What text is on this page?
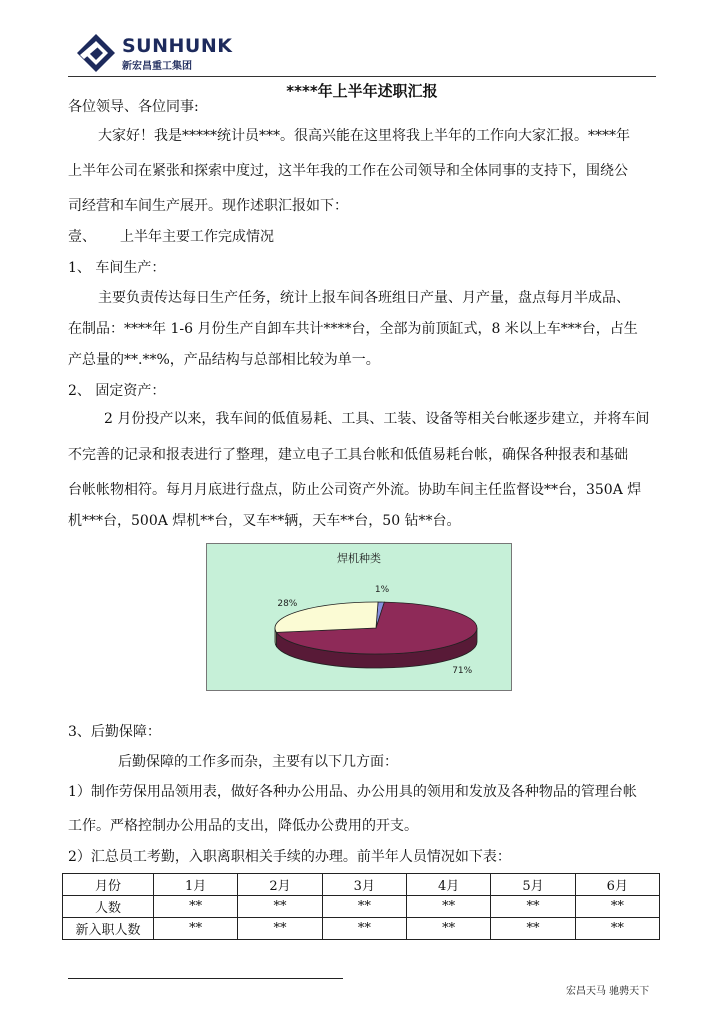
SUNHUNK
新宏昌重工集团
****年上半年述职汇报
各位领导、各位同事:
大家好！我是*****统计员***。很高兴能在这里将我上半年的工作向大家汇报。****年
上半年公司在紧张和探索中度过，这半年我的工作在公司领导和全体同事的支持下，围绕公
司经营和车间生产展开。现作述职汇报如下：
壹、 上半年主要工作完成情况
1、 车间生产：
主要负责传达每日生产任务，统计上报车间各班组日产量、月产量，盘点每月半成品、
在制品：****年 1-6 月份生产自卸车共计****台，全部为前顶缸式，8 米以上车***台，占生
产总量的**.**%，产品结构与总部相比较为单一。
2、 固定资产：
2 月份投产以来，我车间的低值易耗、工具、工装、设备等相关台帐逐步建立，并将车间
不完善的记录和报表进行了整理，建立电子工具台帐和低值易耗台帐，确保各种报表和基础
台帐帐物相符。每月月底进行盘点，防止公司资产外流。协助车间主任监督设**台，350A 焊
机***台，500A 焊机**台，叉车**辆，天车**台，50 钻**台。
焊机种类
1%
71%
28%
3、后勤保障：
后勤保障的工作多而杂，主要有以下几方面：
1）制作劳保用品领用表，做好各种办公用品、办公用具的领用和发放及各种物品的管理台帐
工作。严格控制办公用品的支出，降低办公费用的开支。
2）汇总员工考勤，入职离职相关手续的办理。前半年人员情况如下表：
月份	1月	2月	3月	4月	5月	6月
人数	**	**	**	**	**	**
新入职人数	**	**	**	**	**	**
宏昌天马 驰骋天下
